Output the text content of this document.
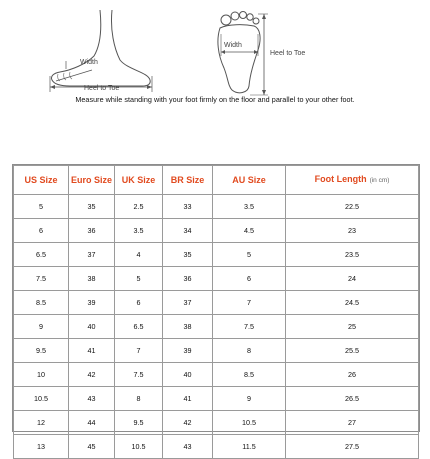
Width
Heel to Toe
Width
Heel to Toe
Measure while standing with your foot firmly on the floor and parallel to your other foot.
US Size	Euro Size	UK Size	BR Size	AU Size	Foot Length (in cm)
5	35	2.5	33	3.5	22.5
6	36	3.5	34	4.5	23
6.5	37	4	35	5	23.5
7.5	38	5	36	6	24
8.5	39	6	37	7	24.5
9	40	6.5	38	7.5	25
9.5	41	7	39	8	25.5
10	42	7.5	40	8.5	26
10.5	43	8	41	9	26.5
12	44	9.5	42	10.5	27
13	45	10.5	43	11.5	27.5
